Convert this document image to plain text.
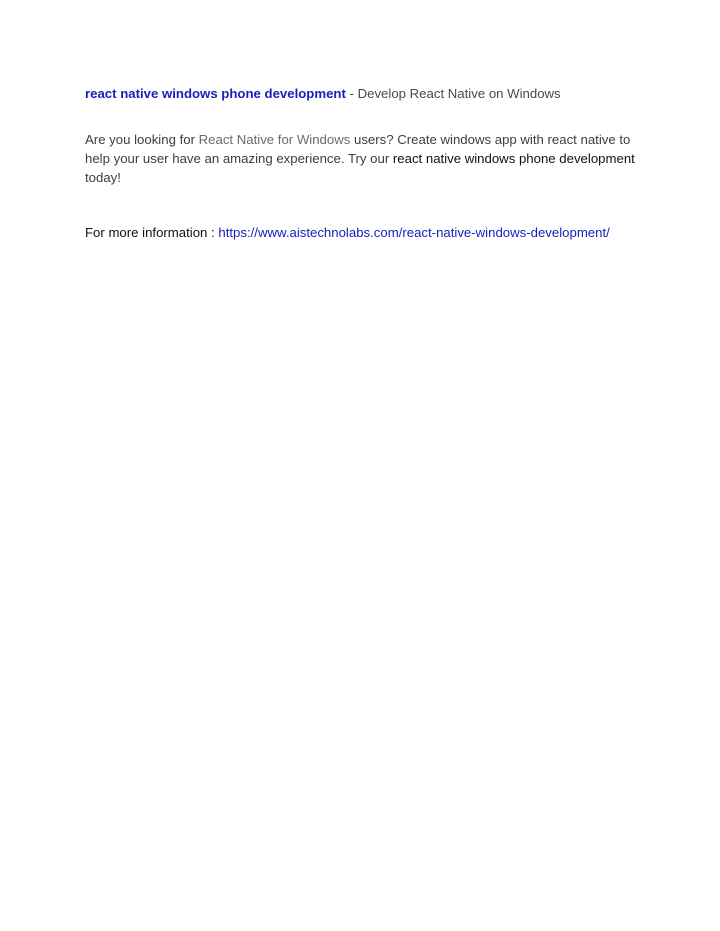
react native windows phone development - Develop React Native on Windows

Are you looking for React Native for Windows users? Create windows app with react native to help your user have an amazing experience. Try our react native windows phone development today!

For more information : https://www.aistechnolabs.com/react-native-windows-development/
